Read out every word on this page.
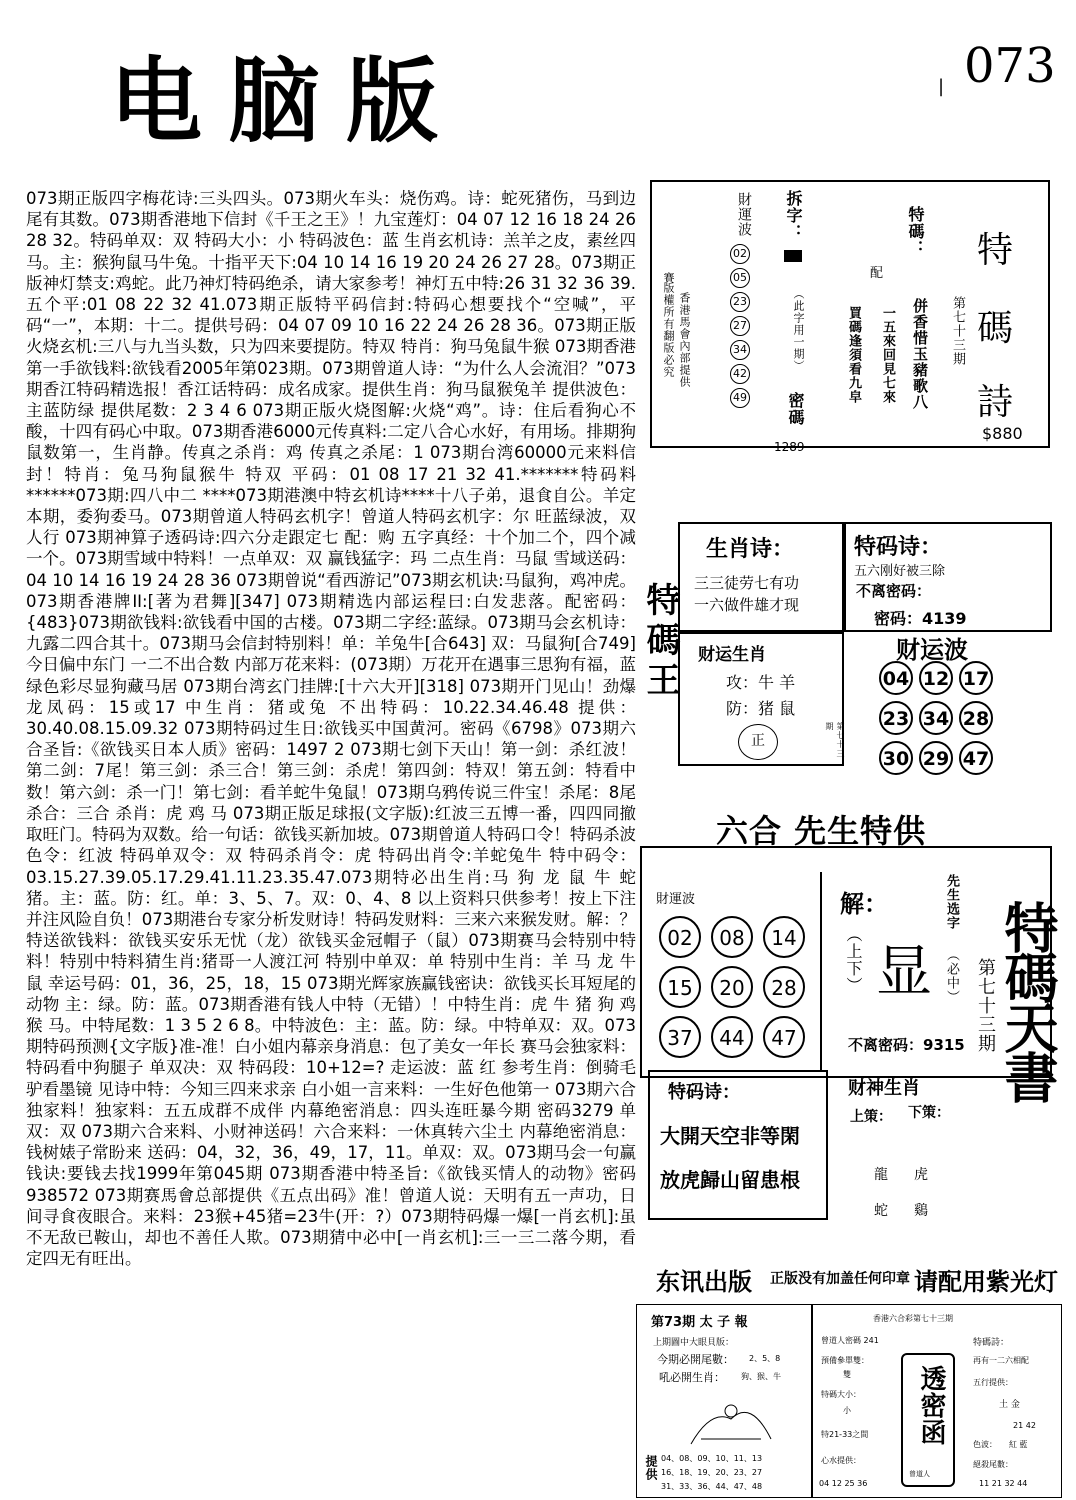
电脑版	| 073
073期正版四字梅花诗:三头四头。073期火车头：烧伤鸡。诗：蛇死猪伤，马到边尾有其数。073期香港地下信封《千王之王》！九宝莲灯：04 07 12 16 18 24 26 28 32。特码单双：双 特码大小：小 特码波色：蓝 生肖玄机诗：羔羊之皮，素丝四马。主：猴狗鼠马牛兔。十指平天下:04 10 14 16 19 20 24 26 27 28。073期正版神灯禁支:鸡蛇。此乃神灯特码绝杀，请大家参考！神灯五中特:26 31 32 36 39.五个平:01 08 22 32 41.073期正版特平码信封:特码心想要找个“空喊”，平码“一”，本期：十二。提供号码：04 07 09 10 16 22 24 26 28 36。073期正版火烧玄机:三八与九当头数，只为四来要提防。特双 特肖：狗马兔鼠牛猴 073期香港第一手欲钱料:欲钱看2005年第023期。073期曾道人诗：“为什么人会流泪？”073期香江特码精选报！香江话特码：成名成家。提供生肖：狗马鼠猴兔羊 提供波色：主蓝防绿 提供尾数：2 3 4 6 073期正版火烧图解:火烧“鸡”。诗：住后看狗心不酸，十四有码心中取。073期香港6000元传真料:二定八合心水好，有用场。排期狗鼠数第一，生肖静。传真之杀肖：鸡 传真之杀尾：1 073期台湾60000元来料信封！特肖：兔马狗鼠猴牛 特双 平码：01 08 17 21 32 41.*******特码料******073期:四八中二 ****073期港澳中特玄机诗****十八子弟，退食自公。羊定本期，委狗委马。073期曾道人特码玄机字！曾道人特码玄机字：尔 旺蓝绿波，双人行 073期神算子透码诗:四六分走跟定七 配：购 五字真经：十个加二个，四个减一个。073期雪域中特料！一点单双：双 赢钱猛字：玛 二点生肖：马鼠 雪域送码：04 10 14 16 19 24 28 36 073期曾说“看西游记”073期玄机诀:马鼠狗，鸡冲虎。073期香港牌II:[著为君舞][347] 073期精选内部运程曰:白发悲落。配密码：{483}073期欲钱料:欲钱看中国的古楼。073期二字经:蓝绿。073期马会玄机诗：九露二四合其十。073期马会信封特别料！单：羊兔牛[合643] 双：马鼠狗[合749] 今日偏中东门 一二不出合数 内部万花来料：(073期）万花开在遇事三思狗有福，蓝绿色彩尽显狗藏马居 073期台湾玄门挂牌:[十六大开][318] 073期开门见山！劲爆龙凤码：15或17 中生肖：猪或兔 不出特码：10.22.34.46.48 提供：30.40.08.15.09.32 073期特码过生日:欲钱买中国黄河。密码《6798》073期六合圣旨:《欲钱买日本人质》密码：1497 2 073期七剑下天山！第一剑：杀红波！第二剑：7尾！第三剑：杀三合！第三剑：杀虎！第四剑：特双！第五剑：特看中数！第六剑：杀一门！第七剑：看羊蛇牛兔鼠！073期乌鸦传说三件宝！杀尾：8尾 杀合：三合 杀肖：虎 鸡 马 073期正版足球报(文字版):红波三五博一番，四四同撤取旺门。特码为双数。给一句话：欲钱买新加坡。073期曾道人特码口令！特码杀波色令：红波 特码单双令：双 特码杀肖令：虎 特码出肖令:羊蛇兔牛 特中码令：03.15.27.39.05.17.29.41.11.23.35.47.073期特必出生肖:马 狗 龙 鼠 牛 蛇 猪。主：蓝。防：红。单：3、5、7。双：0、4、8 以上资料只供参考！按上下注并注风险自负！073期港台专家分析发财诗！特码发财料：三来六来猴发财。解：？特送欲钱料：欲钱买安乐无忧（龙）欲钱买金冠帽子（鼠）073期赛马会特别中特料！特别中特料猜生肖:猪哥一人渡江河 特别中单双：单 特别中生肖：羊 马 龙 牛 鼠 幸运号码：01，36，25，18，15 073期光辉家族赢钱密诀：欲钱买长耳短尾的动物 主：绿。防：蓝。073期香港有钱人中特（无错）！中特生肖：虎 牛 猪 狗 鸡 猴 马。中特尾数：1 3 5 2 6 8。中特波色：主：蓝。防：绿。中特单双：双。073期特码预测{文字版}准-准！白小姐内幕亲身消息：包了美女一年长 赛马会独家料：特码看中狗腿子 单双决：双 特码段：10+12=? 走运波：蓝 红 参考生肖：倒骑毛驴看墨镜 见诗中特：今知三四来求亲 白小姐一言来料：一生好色他第一 073期六合独家料！独家料：五五成群不成伴 内幕绝密消息：四头连旺暴今期 密码3279 单双：双 073期六合来料、小财神送码！六合来料：一休真转六尘土 内幕绝密消息：钱树婊子常盼来 送码：04，32，36，49，17，11。单双：双。073期马会一句赢钱诀:要钱去找1999年第045期 073期香港中特圣旨:《欲钱买情人的动物》密码938572 073期赛馬會总部提供《五点出码》准！曾道人说：天明有五一声功，日间寻食夜眼合。来料：23猴+45猪=23牛(开：?）073期特码爆一爆[一肖玄机]:虽不无敌已鞍山，却也不善任人欺。073期猜中必中[一肖玄机]:三一三二落今期，看定四无有旺出。
版權所有翻版必究 香港馬會內部提供
賽
財運波
02 05 23 27 34 42 49
拆字：
（此字用一期）
密碼
1289
配
特碼：
買碼逢須看九皁 一五來回見七來 併香惜玉豬歌八 第七十三期
特
碼
詩
$880
特碼王
生肖诗：
三三徒劳七有功
一六做件雄才现
财运生肖
攻：牛 羊
防：猪 鼠
正	第七十三期
特码诗：
五六刚好被三除
不离密码：
密码：4139
财运波
04 12 1723 34 2830 29 47
六合 先生特供
財運波
02 08 1415 20 2837 44 47
解：
（上下） 显
先生选字
（必中）
不离密码：9315 第七十三期 特碼天書
特码诗：
大開天空非等閑
放虎歸山留患根
财神生肖
上策： 下策：
龍
蛇
虎
鷄
东讯出版 正版没有加盖任何印章 请配用紫光灯
第73期 太 子 報
上期圖中大眼貝版：
今期必開尾數： 2、5、8
吼必開生肖： 狗、猴、牛
提供 04、08、09、10、11、13
16、18、19、20、23、27
31、33、36、44、47、48
香港六合彩第七十三期
曾道人密碼 241
預備參單雙：
雙
特碼大小：
小
特21-33之間
心水提供：
04 12 25 36
透密函
曾道人
特碼詩：
再有一二六相配
五行提供：
土 金
色波： 紅 藍
絕殺尾數：
21 42
11 21 32 44
